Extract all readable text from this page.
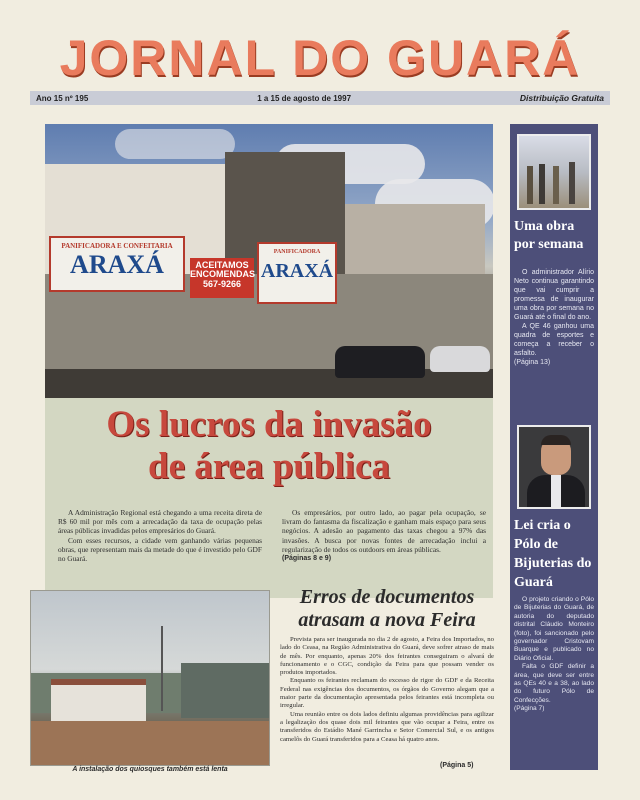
JORNAL DO GUARÁ
Ano 15 nº 195	1 a 15 de agosto de 1997	Distribuição Gratuita
PANIFICADORA E CONFEITARIA
ARAXÁ	ACEITAMOS
ENCOMENDAS
567-9266
PANIFICADORA
ARAXÁ
Os lucros da invasão
de área pública

A Administração Regional está chegando a uma receita direta de R$ 60 mil por mês com a arrecadação da taxa de ocupação pelas áreas públicas invadidas pelos empresários do Guará.

Com esses recursos, a cidade vem ganhando várias pequenas obras, que representam mais da metade do que é investido pelo GDF no Guará.

Os empresários, por outro lado, ao pagar pela ocupação, se livram do fantasma da fiscalização e ganham mais espaço para seus negócios. A adesão ao pagamento das taxas chegou a 97% das invasões. A busca por novas fontes de arrecadação inclui a regularização de todos os outdoors em áreas públicas.

(Páginas 8 e 9)
A instalação dos quiosques também está lenta
Erros de documentos
atrasam a nova Feira

Prevista para ser inaugurada no dia 2 de agosto, a Feira dos Importados, no lado do Ceasa, na Região Administrativa do Guará, deve sofrer atraso de mais de mês. Por enquanto, apenas 20% dos feirantes conseguiram o alvará de funcionamento e o CGC, condição da Feira para que possam vender os produtos importados.

Enquanto os feirantes reclamam do excesso de rigor do GDF e da Receita Federal nas exigências dos documentos, os órgãos do Governo alegam que a maior parte da documentação apresentada pelos feirantes está incompleta ou irregular.

Uma reunião entre os dois lados definiu algumas providências para agilizar a legalização dos quase dois mil feirantes que vão ocupar a Feira, entre os transferidos do Estádio Mané Garrincha e Setor Comercial Sul, e os antigos camelôs do Guará transferidos para a Ceasa há quatro anos.

(Página 5)
Uma obra por semana

O administrador Alírio Neto continua garantindo que vai cumprir a promessa de inaugurar uma obra por semana no Guará até o final do ano.

A QE 46 ganhou uma quadra de esportes e começa a receber o asfalto.

(Página 13)
Lei cria o Pólo de Bijuterias do Guará

O projeto criando o Pólo de Bijuterias do Guará, de autoria do deputado distrital Cláudio Monteiro (foto), foi sancionado pelo governador Cristovam Buarque e publicado no Diário Oficial.

Falta o GDF definir a área, que deve ser entre as QEs 40 e a 38, ao lado do futuro Pólo de Confecções.

(Página 7)
